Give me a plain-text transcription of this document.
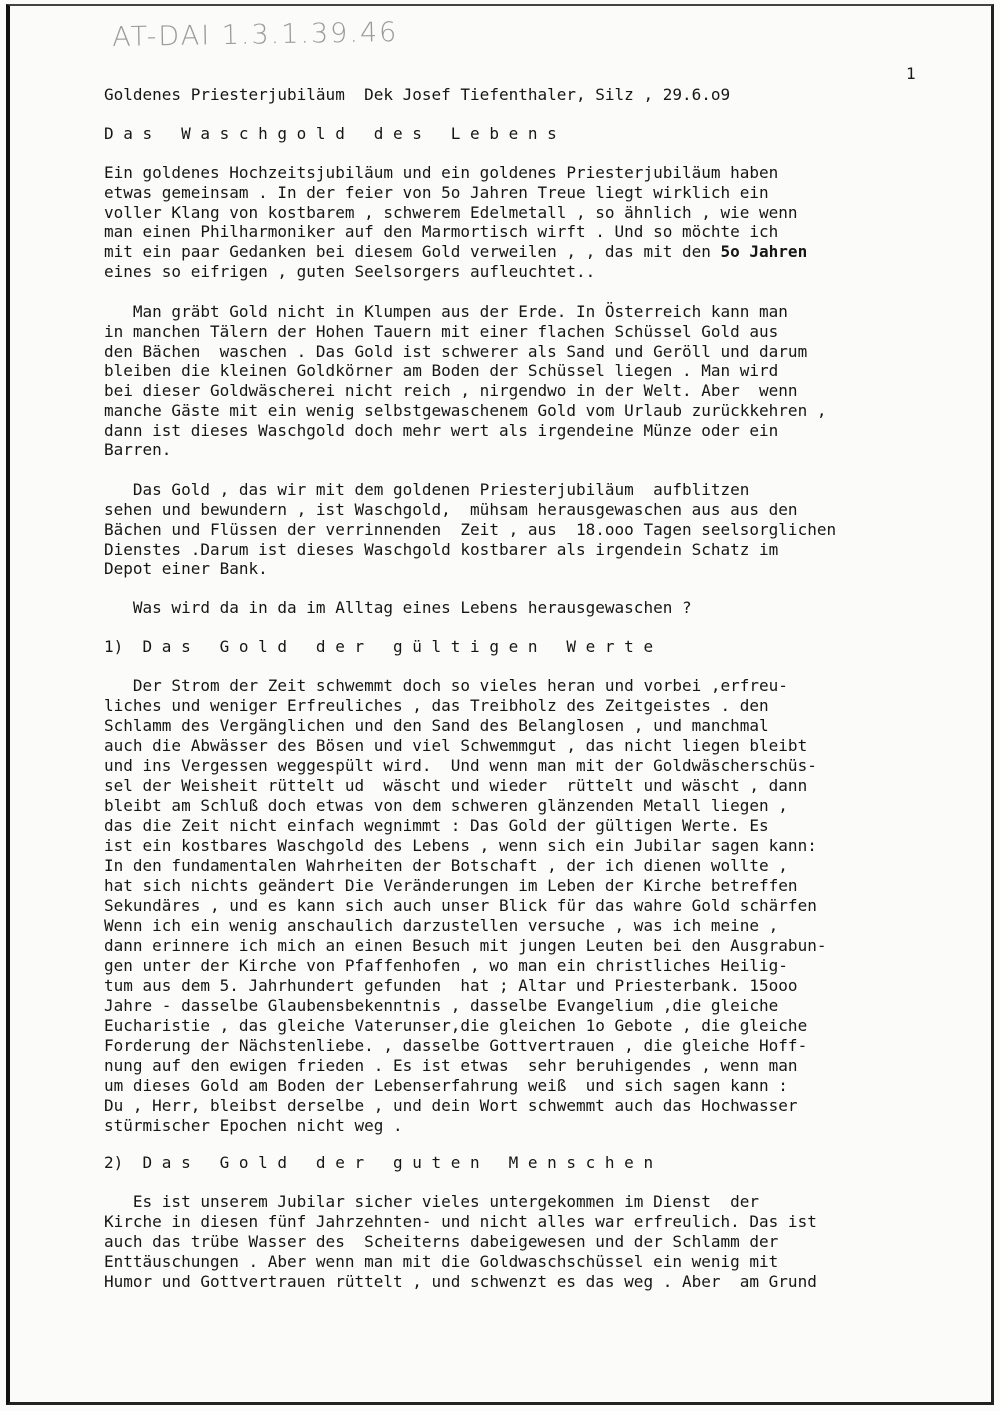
AT-DAI 1.3.1.39.46
1
Goldenes Priesterjubiläum  Dek Josef Tiefenthaler, Silz , 29.6.o9
D a s   W a s c h g o l d   d e s   L e b e n s
Ein goldenes Hochzeitsjubiläum und ein goldenes Priesterjubiläum haben
etwas gemeinsam . In der feier von 5o Jahren Treue liegt wirklich ein
voller Klang von kostbarem , schwerem Edelmetall , so ähnlich , wie wenn
man einen Philharmoniker auf den Marmortisch wirft . Und so möchte ich
mit ein paar Gedanken bei diesem Gold verweilen , , das mit den 5o Jahren
eines so eifrigen , guten Seelsorgers aufleuchtet..
Man gräbt Gold nicht in Klumpen aus der Erde. In Österreich kann man
in manchen Tälern der Hohen Tauern mit einer flachen Schüssel Gold aus
den Bächen  waschen . Das Gold ist schwerer als Sand und Geröll und darum
bleiben die kleinen Goldkörner am Boden der Schüssel liegen . Man wird
bei dieser Goldwäscherei nicht reich , nirgendwo in der Welt. Aber  wenn
manche Gäste mit ein wenig selbstgewaschenem Gold vom Urlaub zurückkehren ,
dann ist dieses Waschgold doch mehr wert als irgendeine Münze oder ein
Barren.
Das Gold , das wir mit dem goldenen Priesterjubiläum  aufblitzen
sehen und bewundern , ist Waschgold,  mühsam herausgewaschen aus aus den
Bächen und Flüssen der verrinnenden  Zeit , aus  18.ooo Tagen seelsorglichen
Dienstes .Darum ist dieses Waschgold kostbarer als irgendein Schatz im
Depot einer Bank.
Was wird da in da im Alltag eines Lebens herausgewaschen ?
1)  D a s   G o l d   d e r   g ü l t i g e n   W e r t e
Der Strom der Zeit schwemmt doch so vieles heran und vorbei ,erfreu-
liches und weniger Erfreuliches , das Treibholz des Zeitgeistes . den
Schlamm des Vergänglichen und den Sand des Belanglosen , und manchmal
auch die Abwässer des Bösen und viel Schwemmgut , das nicht liegen bleibt
und ins Vergessen weggespült wird.  Und wenn man mit der Goldwäscherschüs-
sel der Weisheit rüttelt ud  wäscht und wieder  rüttelt und wäscht , dann
bleibt am Schluß doch etwas von dem schweren glänzenden Metall liegen ,
das die Zeit nicht einfach wegnimmt : Das Gold der gültigen Werte. Es
ist ein kostbares Waschgold des Lebens , wenn sich ein Jubilar sagen kann:
In den fundamentalen Wahrheiten der Botschaft , der ich dienen wollte ,
hat sich nichts geändert Die Veränderungen im Leben der Kirche betreffen
Sekundäres , und es kann sich auch unser Blick für das wahre Gold schärfen
Wenn ich ein wenig anschaulich darzustellen versuche , was ich meine ,
dann erinnere ich mich an einen Besuch mit jungen Leuten bei den Ausgrabun-
gen unter der Kirche von Pfaffenhofen , wo man ein christliches Heilig-
tum aus dem 5. Jahrhundert gefunden  hat ; Altar und Priesterbank. 15ooo
Jahre - dasselbe Glaubensbekenntnis , dasselbe Evangelium ,die gleiche
Eucharistie , das gleiche Vaterunser,die gleichen 1o Gebote , die gleiche
Forderung der Nächstenliebe. , dasselbe Gottvertrauen , die gleiche Hoff-
nung auf den ewigen frieden . Es ist etwas  sehr beruhigendes , wenn man
um dieses Gold am Boden der Lebenserfahrung weiß  und sich sagen kann :
Du , Herr, bleibst derselbe , und dein Wort schwemmt auch das Hochwasser
stürmischer Epochen nicht weg .
2)  D a s   G o l d   d e r   g u t e n   M e n s c h e n
Es ist unserem Jubilar sicher vieles untergekommen im Dienst  der
Kirche in diesen fünf Jahrzehnten- und nicht alles war erfreulich. Das ist
auch das trübe Wasser des  Scheiterns dabeigewesen und der Schlamm der
Enttäuschungen . Aber wenn man mit die Goldwaschschüssel ein wenig mit
Humor und Gottvertrauen rüttelt , und schwenzt es das weg . Aber  am Grund
